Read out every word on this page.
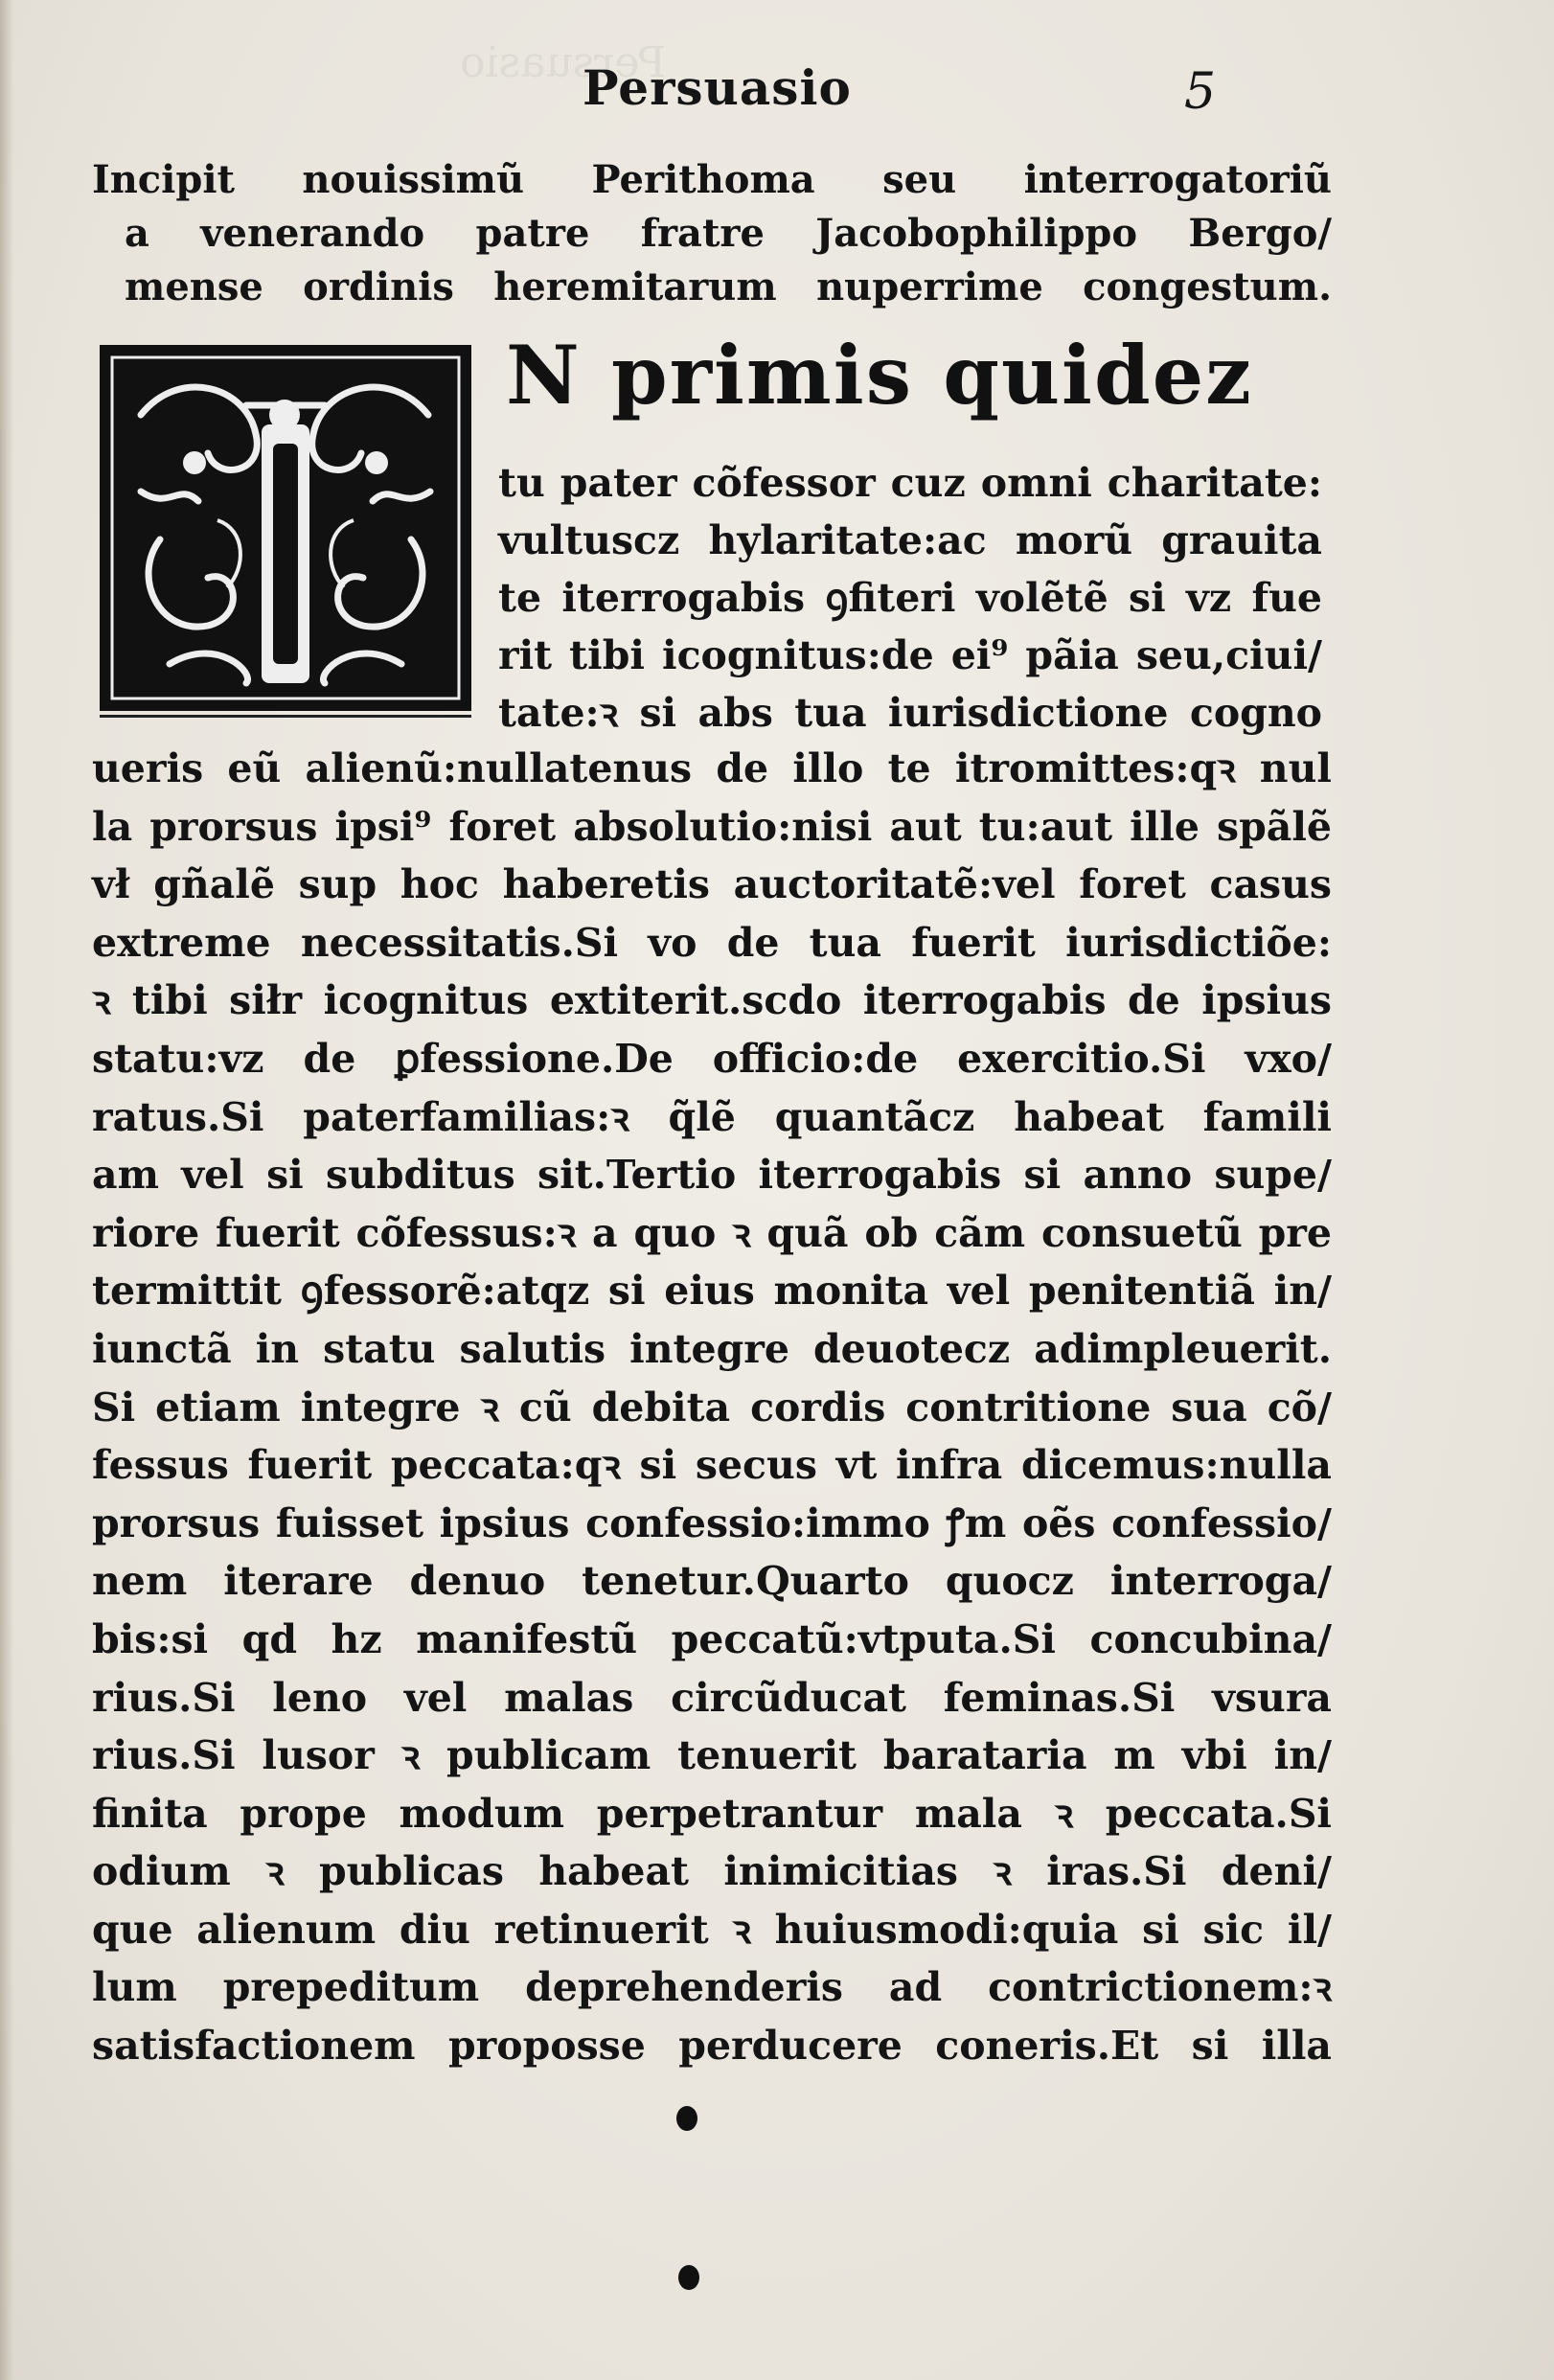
Persuasio
Persuasio	5
Incipit nouissimũ Perithoma seu interrogatoriũ
a venerando patre fratre Jacobophilippo Bergo/
mense ordinis heremitarum nuperrime congestum.
N primis quidez
tu pater cõfessor cuz omni charitate:
vultuscz hylaritate:ac morũ grauita
te iterrogabis ꝯfiteri volẽtẽ si vz fue
rit tibi icognitus:de ei⁹ pãia seu,ciui/
tate:ꝛ si abs tua iurisdictione cogno
ueris eũ alienũ:nullatenus de illo te itromittes:qꝛ nul
la prorsus ipsi⁹ foret absolutio:nisi aut tu:aut ille spãlẽ
vł gñalẽ sup hoc haberetis auctoritatẽ:vel foret casus
extreme necessitatis.Si vo de tua fuerit iurisdictiõe:
ꝛ tibi siłr icognitus extiterit.scdo iterrogabis de ipsius
statu:vz de ꝑfessione.De officio:de exercitio.Si vxo/
ratus.Si paterfamilias:ꝛ q̃lẽ quantãcz habeat famili
am vel si subditus sit.Tertio iterrogabis si anno supe/
riore fuerit cõfessus:ꝛ a quo ꝛ quã ob cãm consuetũ pre
termittit ꝯfessorẽ:atqz si eius monita vel penitentiã in/
iunctã in statu salutis integre deuotecz adimpleuerit.
Si etiam integre ꝛ cũ debita cordis contritione sua cõ/
fessus fuerit peccata:qꝛ si secus vt infra dicemus:nulla
prorsus fuisset ipsius confessio:immo ꝭm oẽs confessio/
nem iterare denuo tenetur.Quarto quocz interroga/
bis:si qd hz manifestũ peccatũ:vtputa.Si concubina/
rius.Si leno vel malas circũducat feminas.Si vsura
rius.Si lusor ꝛ publicam tenuerit barataria m vbi in/
finita prope modum perpetrantur mala ꝛ peccata.Si
odium ꝛ publicas habeat inimicitias ꝛ iras.Si deni/
que alienum diu retinuerit ꝛ huiusmodi:quia si sic il/
lum prepeditum deprehenderis ad contrictionem:ꝛ
satisfactionem proposse perducere coneris.Et si illa
